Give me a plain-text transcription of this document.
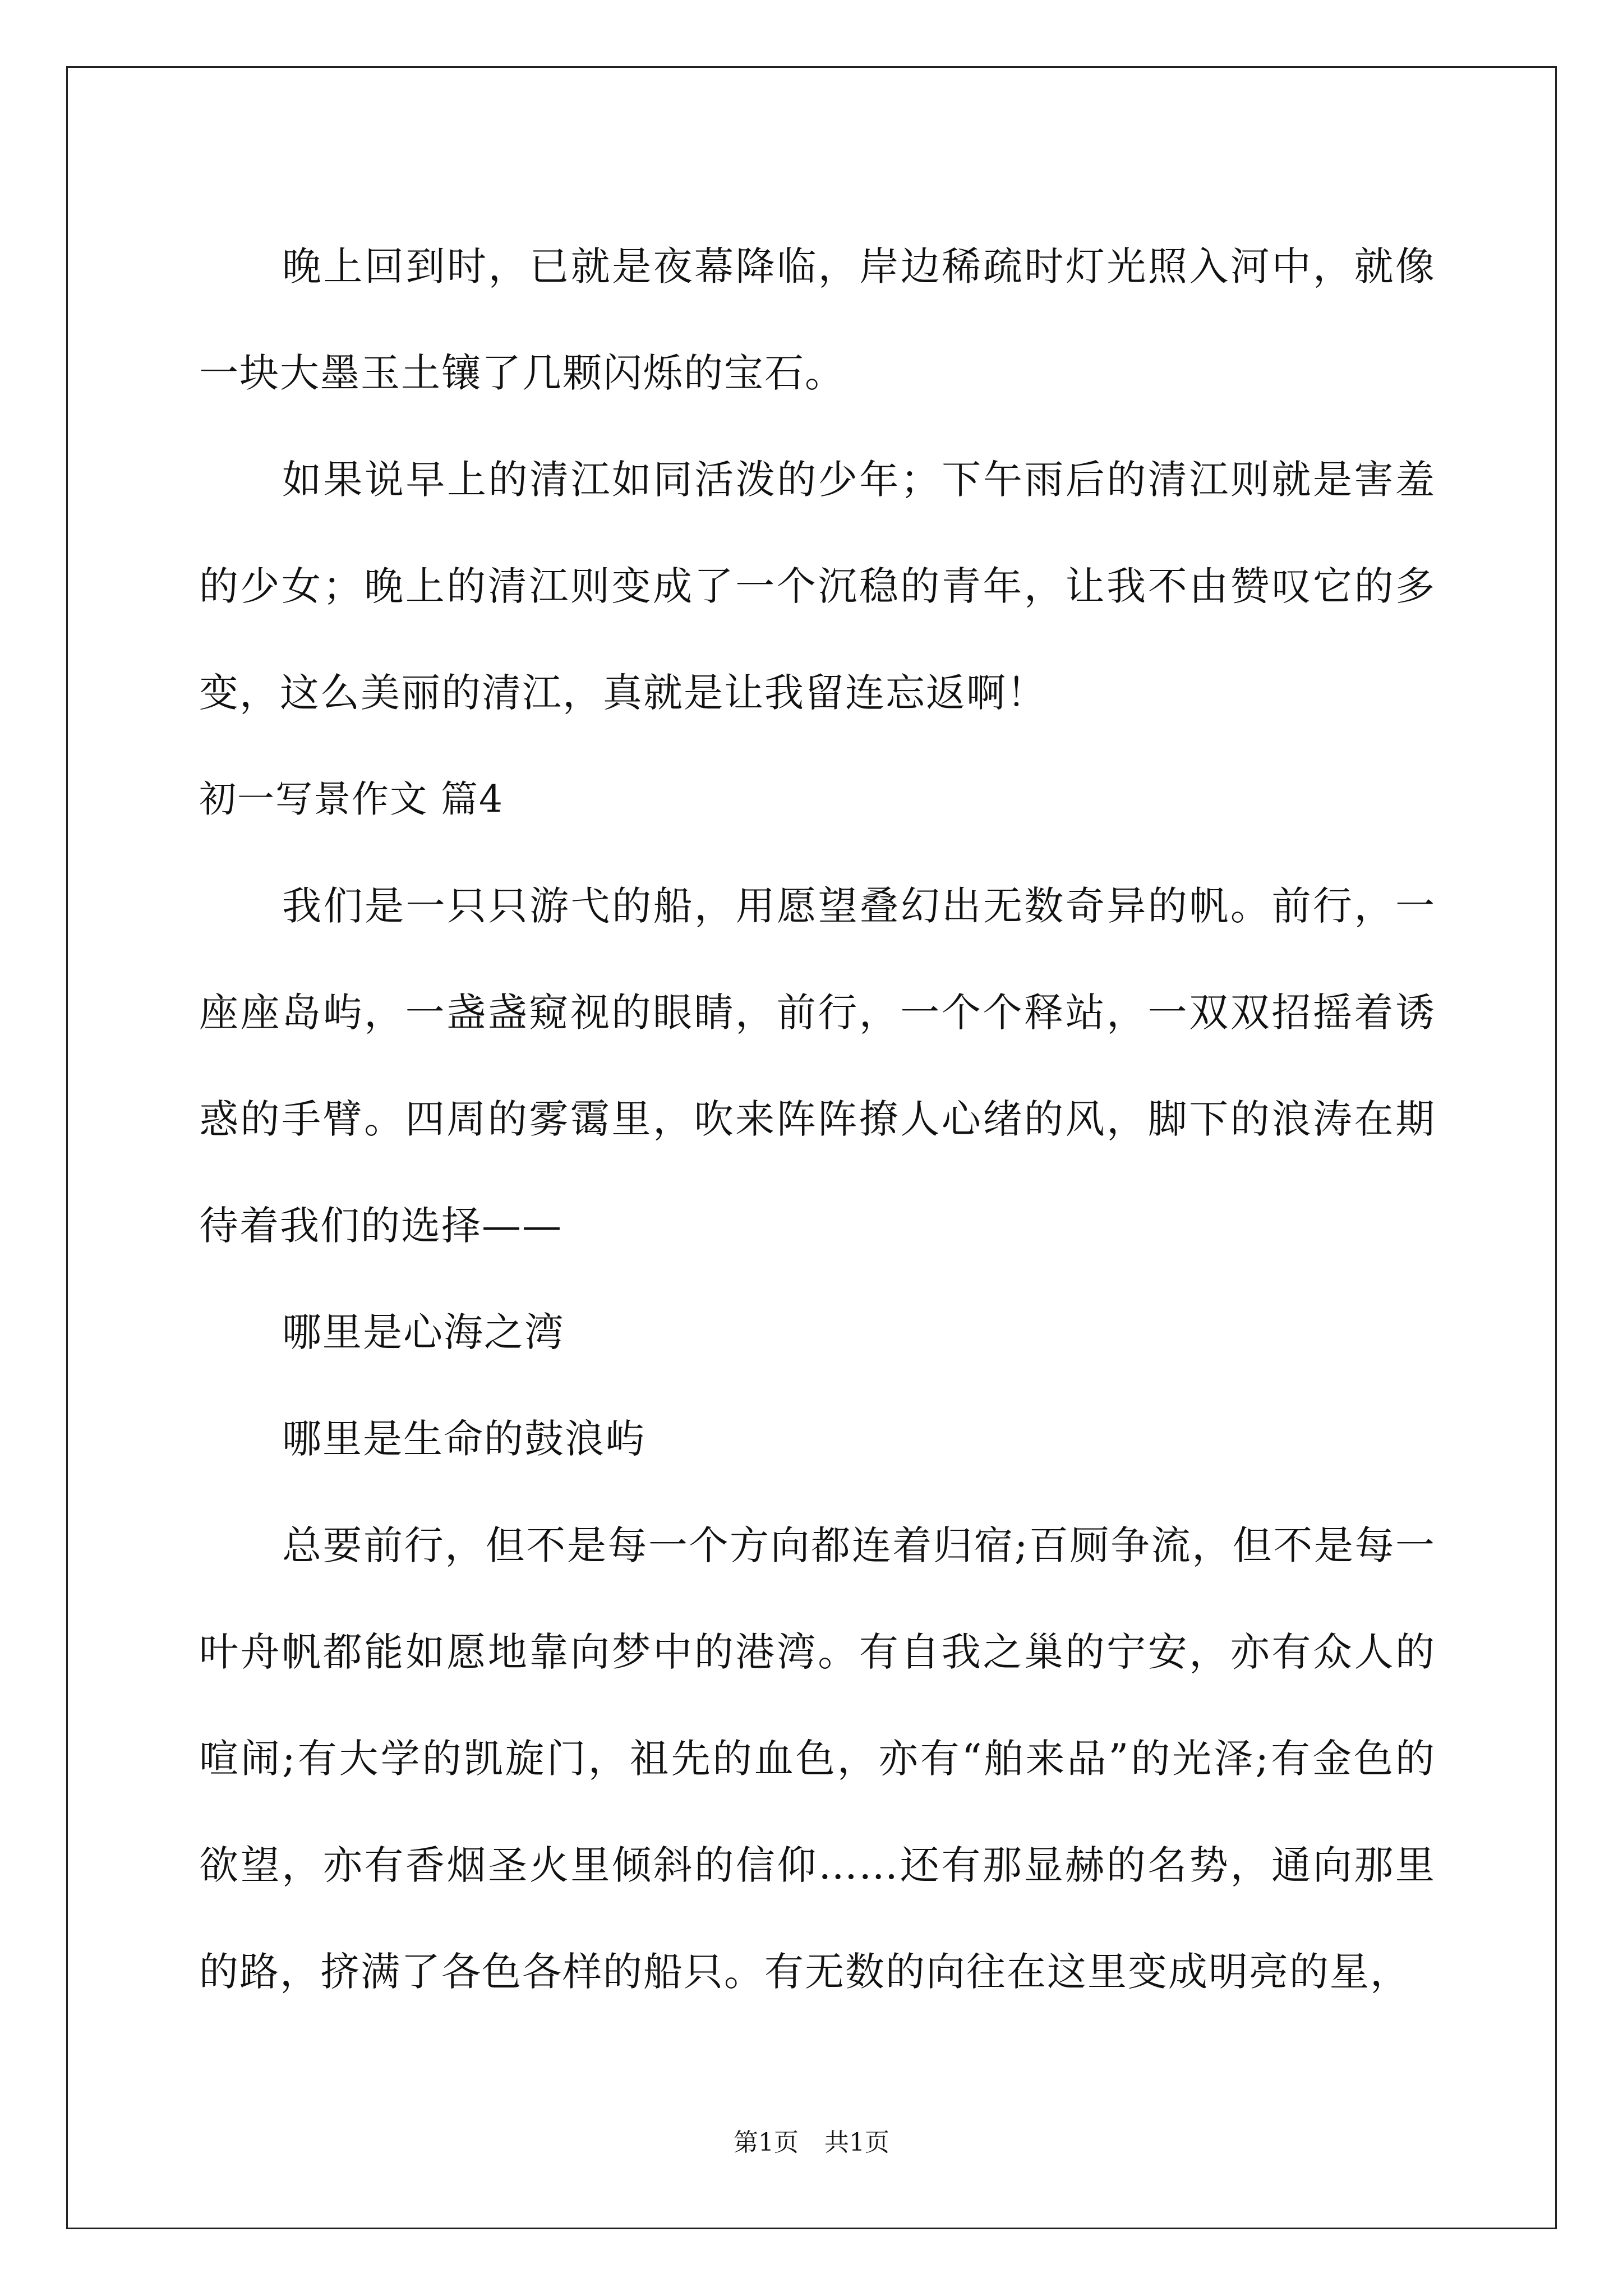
晚上回到时，已就是夜幕降临，岸边稀疏时灯光照入河中，就像一块大墨玉土镶了几颗闪烁的宝石。

如果说早上的清江如同活泼的少年；下午雨后的清江则就是害羞的少女；晚上的清江则变成了一个沉稳的青年，让我不由赞叹它的多变，这么美丽的清江，真就是让我留连忘返啊！

初一写景作文 篇4

我们是一只只游弋的船，用愿望叠幻出无数奇异的帆。前行，一座座岛屿，一盏盏窥视的眼睛，前行，一个个释站，一双双招摇着诱惑的手臂。四周的雾霭里，吹来阵阵撩人心绪的风，脚下的浪涛在期待着我们的选择——

哪里是心海之湾

哪里是生命的鼓浪屿

总要前行，但不是每一个方向都连着归宿;百厕争流，但不是每一叶舟帆都能如愿地靠向梦中的港湾。有自我之巢的宁安，亦有众人的喧闹;有大学的凯旋门，祖先的血色，亦有“舶来品”的光泽;有金色的欲望，亦有香烟圣火里倾斜的信仰……还有那显赫的名势，通向那里的路，挤满了各色各样的船只。有无数的向往在这里变成明亮的星，

第1页 共1页
